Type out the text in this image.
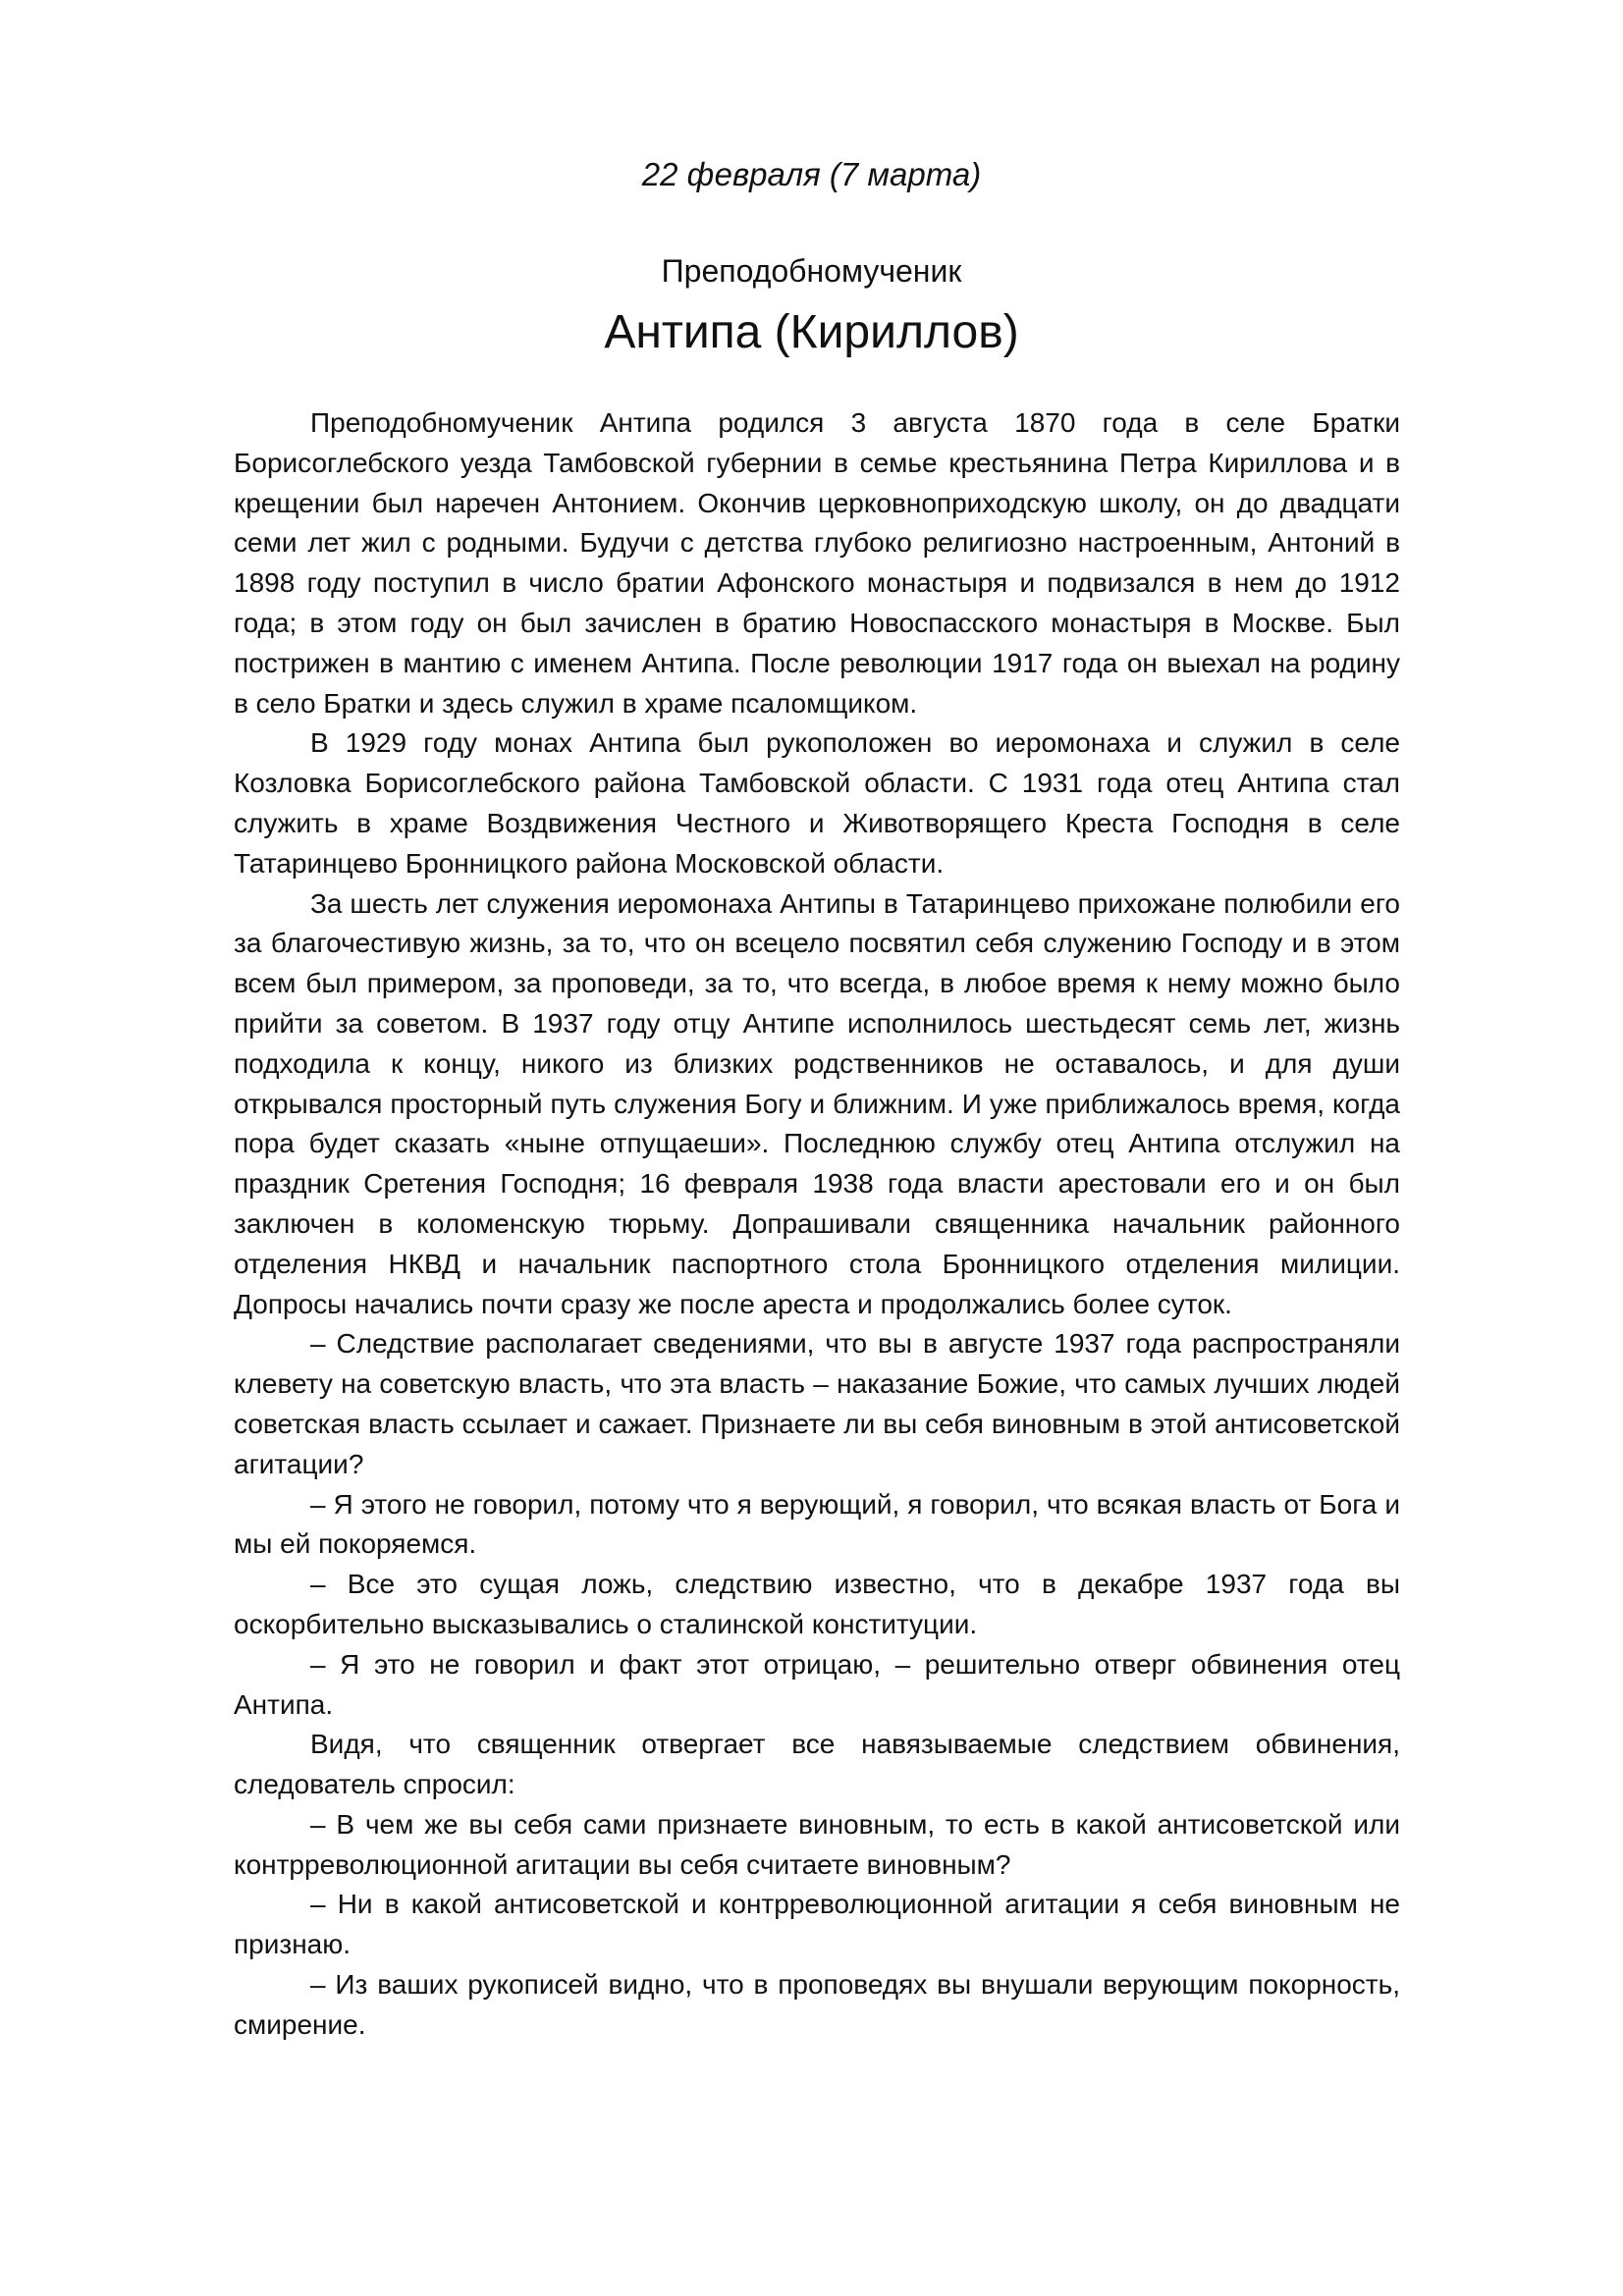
22 февраля (7 марта)
Преподобномученик
Антипа (Кириллов)

Преподобномученик Антипа родился 3 августа 1870 года в селе Братки Борисоглебского уезда Тамбовской губернии в семье крестьянина Петра Кириллова и в крещении был наречен Антонием. Окончив церковноприходскую школу, он до двадцати семи лет жил с родными. Будучи с детства глубоко религиозно настроенным, Антоний в 1898 году поступил в число братии Афонского монастыря и подвизался в нем до 1912 года; в этом году он был зачислен в братию Новоспасского монастыря в Москве. Был пострижен в мантию с именем Антипа. После революции 1917 года он выехал на родину в село Братки и здесь служил в храме псаломщиком.

В 1929 году монах Антипа был рукоположен во иеромонаха и служил в селе Козловка Борисоглебского района Тамбовской области. С 1931 года отец Антипа стал служить в храме Воздвижения Честного и Животворящего Креста Господня в селе Татаринцево Бронницкого района Московской области.

За шесть лет служения иеромонаха Антипы в Татаринцево прихожане полюбили его за благочестивую жизнь, за то, что он всецело посвятил себя служению Господу и в этом всем был примером, за проповеди, за то, что всегда, в любое время к нему можно было прийти за советом. В 1937 году отцу Антипе исполнилось шестьдесят семь лет, жизнь подходила к концу, никого из близких родственников не оставалось, и для души открывался просторный путь служения Богу и ближним. И уже приближалось время, когда пора будет сказать «ныне отпущаеши». Последнюю службу отец Антипа отслужил на праздник Сретения Господня; 16 февраля 1938 года власти арестовали его и он был заключен в коломенскую тюрьму. Допрашивали священника начальник районного отделения НКВД и начальник паспортного стола Бронницкого отделения милиции. Допросы начались почти сразу же после ареста и продолжались более суток.

– Следствие располагает сведениями, что вы в августе 1937 года распространяли клевету на советскую власть, что эта власть – наказание Божие, что самых лучших людей советская власть ссылает и сажает. Признаете ли вы себя виновным в этой антисоветской агитации?

– Я этого не говорил, потому что я верующий, я говорил, что всякая власть от Бога и мы ей покоряемся.

– Все это сущая ложь, следствию известно, что в декабре 1937 года вы оскорбительно высказывались о сталинской конституции.

– Я это не говорил и факт этот отрицаю, – решительно отверг обвинения отец Антипа.

Видя, что священник отвергает все навязываемые следствием обвинения, следователь спросил:

– В чем же вы себя сами признаете виновным, то есть в какой антисоветской или контрреволюционной агитации вы себя считаете виновным?

– Ни в какой антисоветской и контрреволюционной агитации я себя виновным не признаю.

– Из ваших рукописей видно, что в проповедях вы внушали верующим покорность, смирение.
